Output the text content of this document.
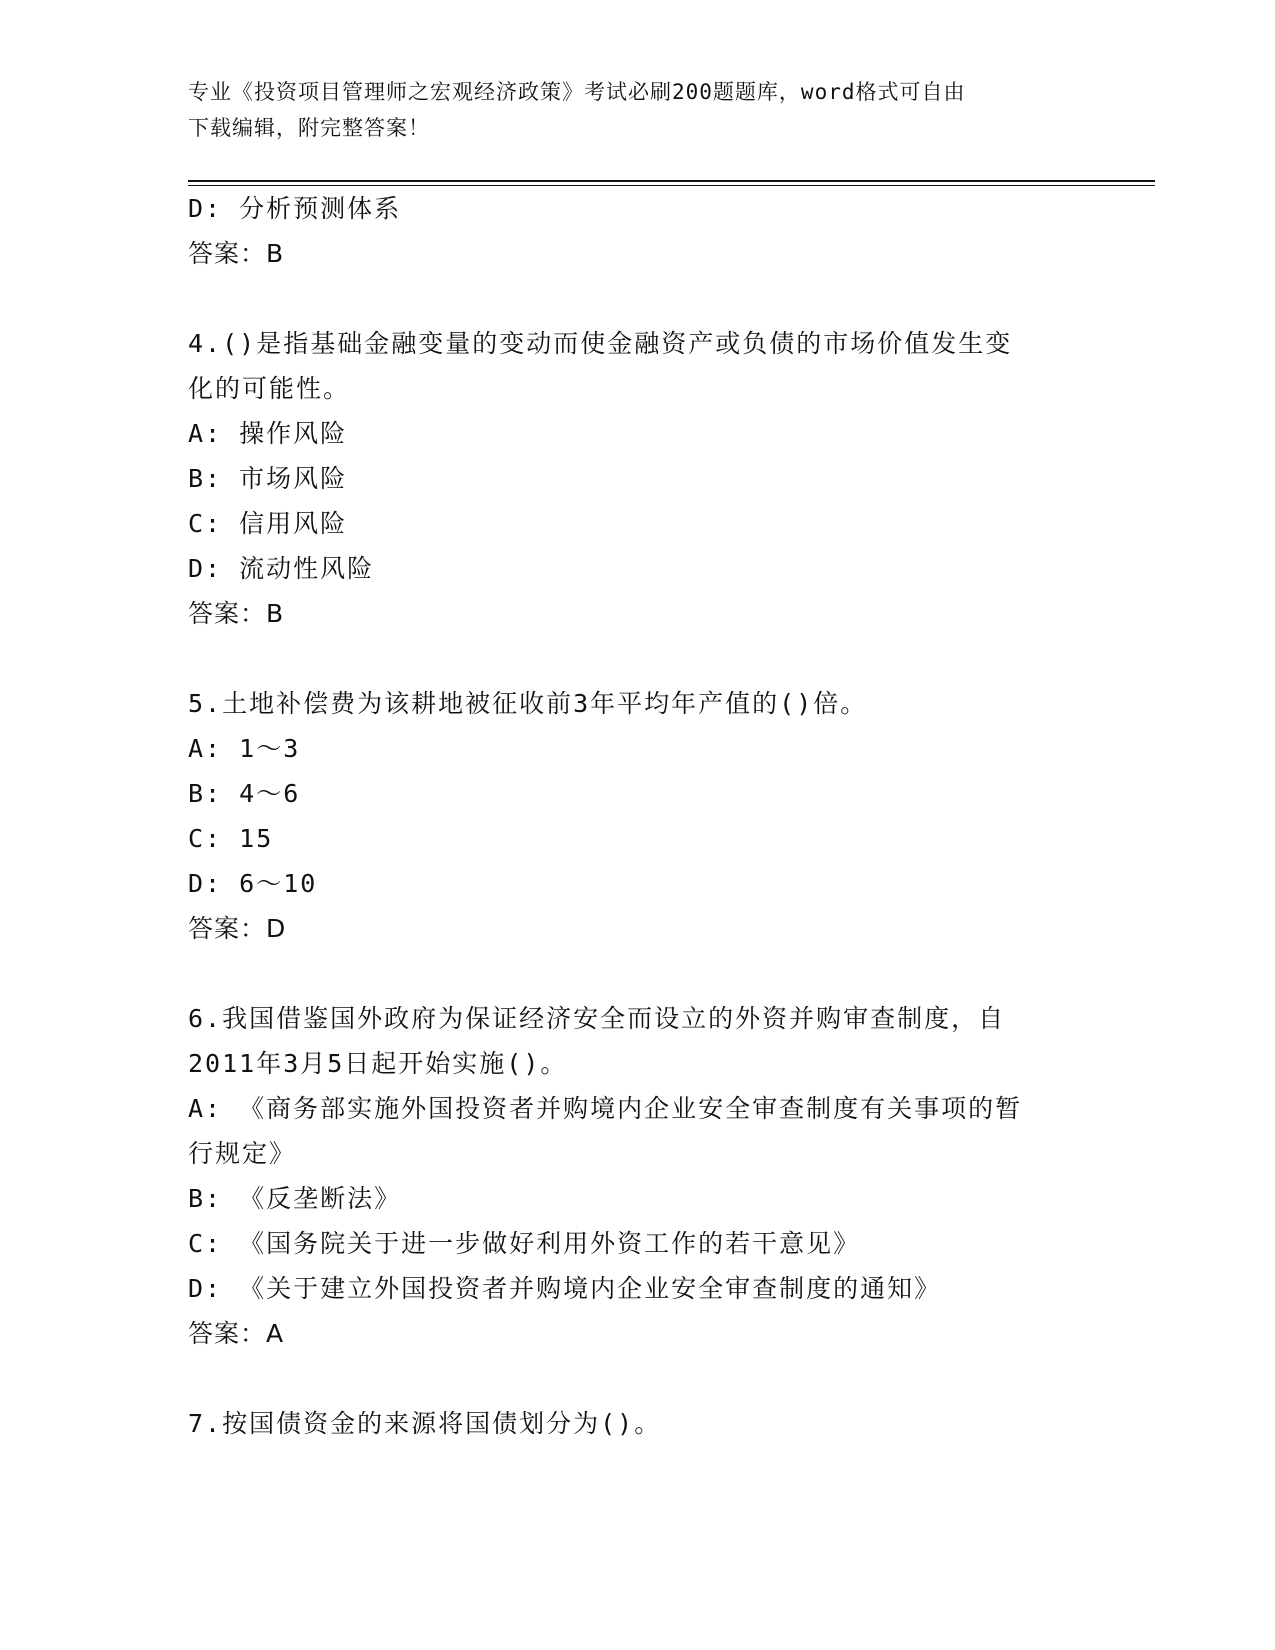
专业《投资项目管理师之宏观经济政策》考试必刷200题题库，word格式可自由
下载编辑，附完整答案！
D: 分析预测体系
答案：B
4.()是指基础金融变量的变动而使金融资产或负债的市场价值发生变
化的可能性。
A: 操作风险
B: 市场风险
C: 信用风险
D: 流动性风险
答案：B
5.土地补偿费为该耕地被征收前3年平均年产值的()倍。
A: 1～3
B: 4～6
C: 15
D: 6～10
答案：D
6.我国借鉴国外政府为保证经济安全而设立的外资并购审查制度，自
2011年3月5日起开始实施()。
A: 《商务部实施外国投资者并购境内企业安全审查制度有关事项的暂
行规定》
B: 《反垄断法》
C: 《国务院关于进一步做好利用外资工作的若干意见》
D: 《关于建立外国投资者并购境内企业安全审查制度的通知》
答案：A
7.按国债资金的来源将国债划分为()。
